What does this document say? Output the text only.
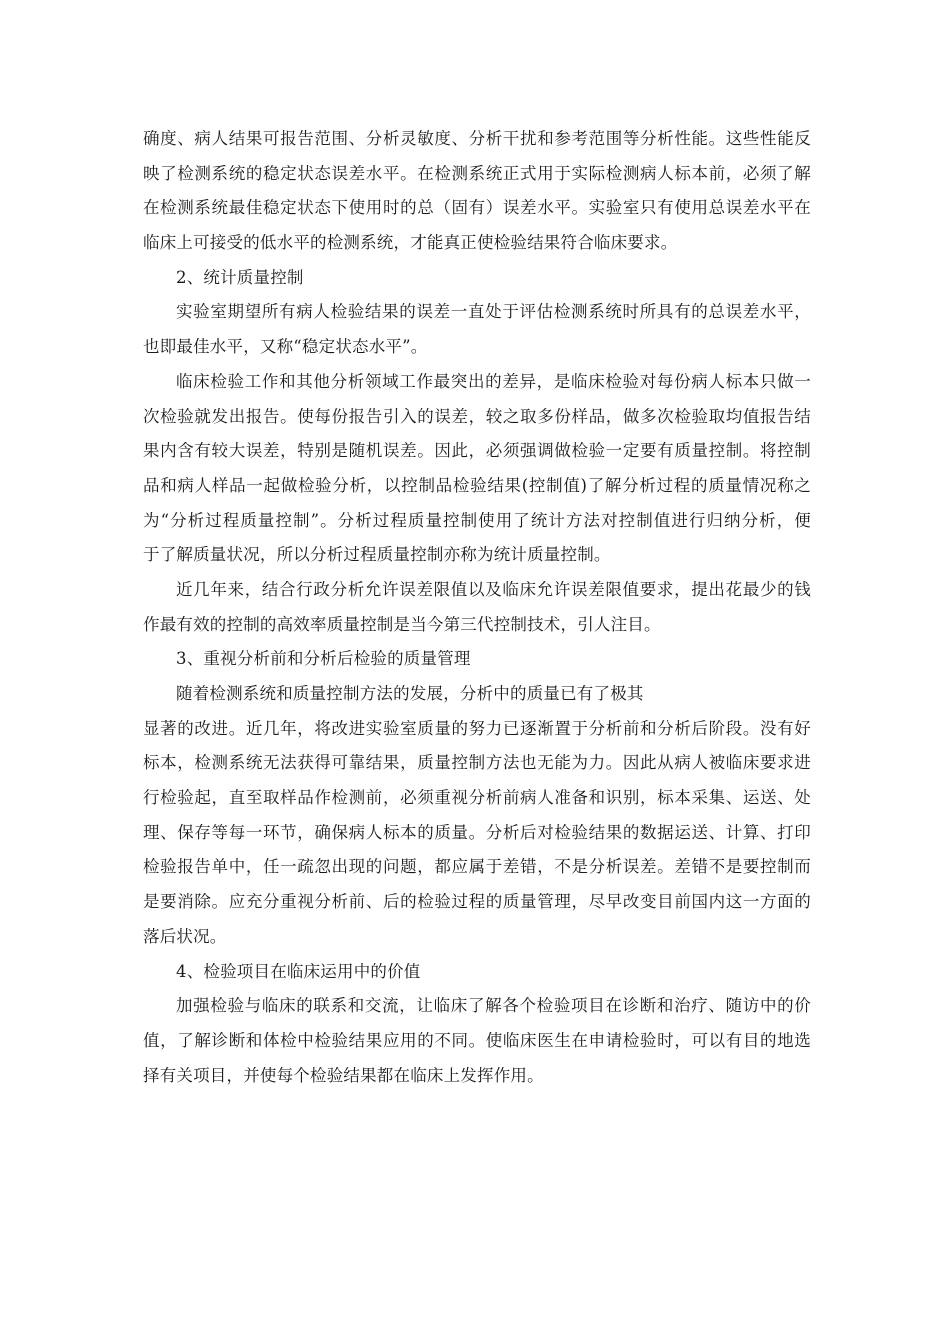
确度、病人结果可报告范围、分析灵敏度、分析干扰和参考范围等分析性能。这些性能反
映了检测系统的稳定状态误差水平。在检测系统正式用于实际检测病人标本前，必须了解
在检测系统最佳稳定状态下使用时的总（固有）误差水平。实验室只有使用总误差水平在
临床上可接受的低水平的检测系统，才能真正使检验结果符合临床要求。
2、统计质量控制
实验室期望所有病人检验结果的误差一直处于评估检测系统时所具有的总误差水平，
也即最佳水平，又称“稳定状态水平”。
临床检验工作和其他分析领域工作最突出的差异，是临床检验对每份病人标本只做一
次检验就发出报告。使每份报告引入的误差，较之取多份样品，做多次检验取均值报告结
果内含有较大误差，特别是随机误差。因此，必须强调做检验一定要有质量控制。将控制
品和病人样品一起做检验分析，以控制品检验结果(控制值)了解分析过程的质量情况称之
为“分析过程质量控制”。分析过程质量控制使用了统计方法对控制值进行归纳分析，便
于了解质量状况，所以分析过程质量控制亦称为统计质量控制。
近几年来，结合行政分析允许误差限值以及临床允许误差限值要求，提出花最少的钱
作最有效的控制的高效率质量控制是当今第三代控制技术，引人注目。
3、重视分析前和分析后检验的质量管理
随着检测系统和质量控制方法的发展，分析中的质量已有了极其
显著的改进。近几年，将改进实验室质量的努力已逐渐置于分析前和分析后阶段。没有好
标本，检测系统无法获得可靠结果，质量控制方法也无能为力。因此从病人被临床要求进
行检验起，直至取样品作检测前，必须重视分析前病人准备和识别，标本采集、运送、处
理、保存等每一环节，确保病人标本的质量。分析后对检验结果的数据运送、计算、打印
检验报告单中，任一疏忽出现的问题，都应属于差错，不是分析误差。差错不是要控制而
是要消除。应充分重视分析前、后的检验过程的质量管理，尽早改变目前国内这一方面的
落后状况。
4、检验项目在临床运用中的价值
加强检验与临床的联系和交流，让临床了解各个检验项目在诊断和治疗、随访中的价
值，了解诊断和体检中检验结果应用的不同。使临床医生在申请检验时，可以有目的地选
择有关项目，并使每个检验结果都在临床上发挥作用。
